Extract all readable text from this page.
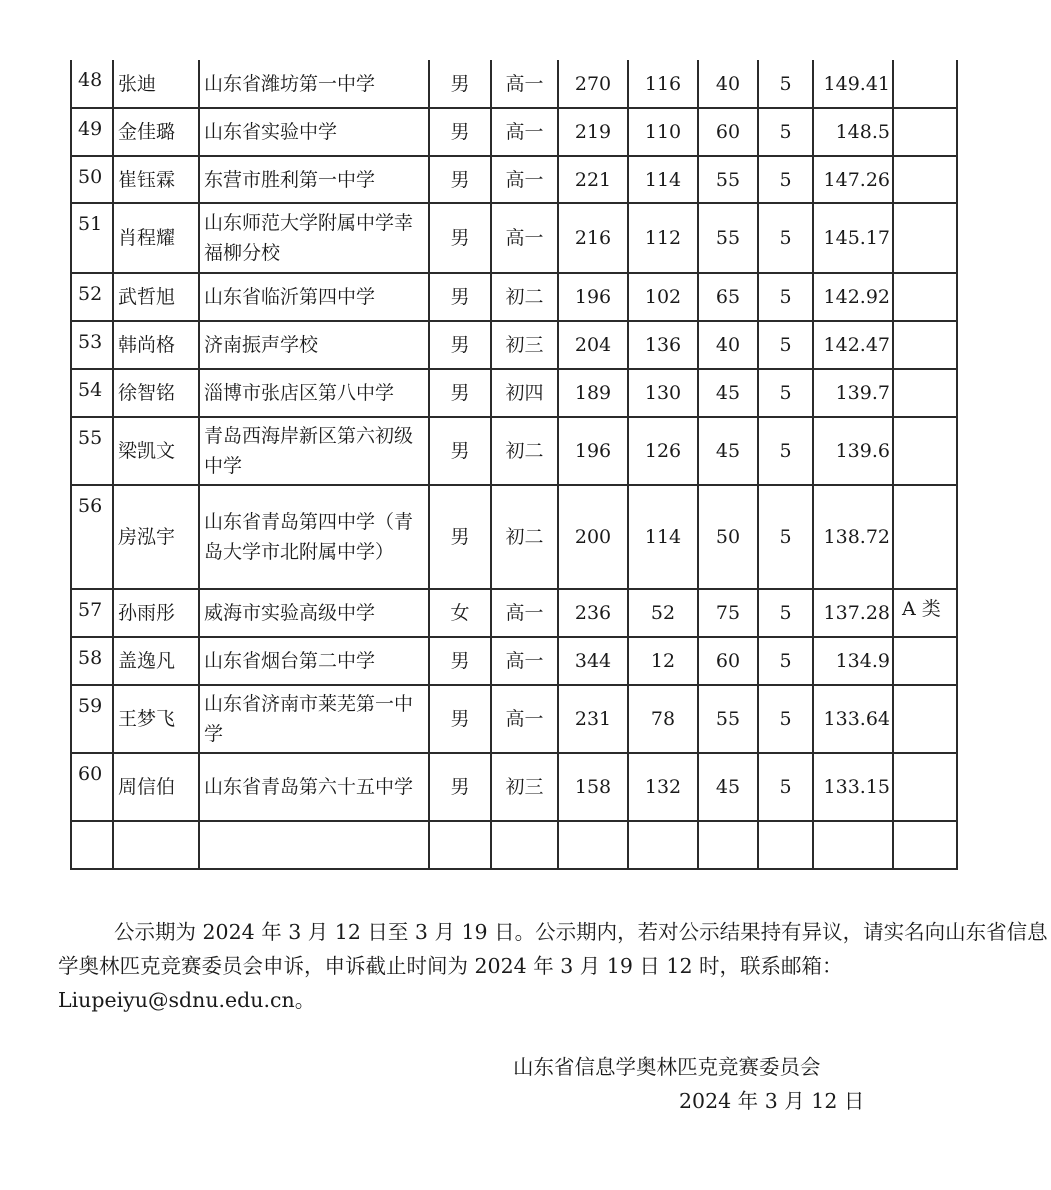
48	张迪	山东省潍坊第一中学	男	高一	270	116	40	5	149.41	
49	金佳璐	山东省实验中学	男	高一	219	110	60	5	148.5	
50	崔钰霖	东营市胜利第一中学	男	高一	221	114	55	5	147.26	
51	肖程耀	山东师范大学附属中学幸福柳分校	男	高一	216	112	55	5	145.17	
52	武哲旭	山东省临沂第四中学	男	初二	196	102	65	5	142.92	
53	韩尚格	济南振声学校	男	初三	204	136	40	5	142.47	
54	徐智铭	淄博市张店区第八中学	男	初四	189	130	45	5	139.7	
55	梁凯文	青岛西海岸新区第六初级中学	男	初二	196	126	45	5	139.6	
56	房泓宇	山东省青岛第四中学（青岛大学市北附属中学）	男	初二	200	114	50	5	138.72	
57	孙雨彤	威海市实验高级中学	女	高一	236	52	75	5	137.28	A 类
58	盖逸凡	山东省烟台第二中学	男	高一	344	12	60	5	134.9	
59	王梦飞	山东省济南市莱芜第一中学	男	高一	231	78	55	5	133.64	
60	周信伯	山东省青岛第六十五中学	男	初三	158	132	45	5	133.15	

公示期为 2024 年 3 月 12 日至 3 月 19 日。公示期内，若对公示结果持有异议，请实名向山东省信息学奥林匹克竞赛委员会申诉，申诉截止时间为 2024 年 3 月 19 日 12 时，联系邮箱：Liupeiyu@sdnu.edu.cn。

山东省信息学奥林匹克竞赛委员会
2024 年 3 月 12 日
